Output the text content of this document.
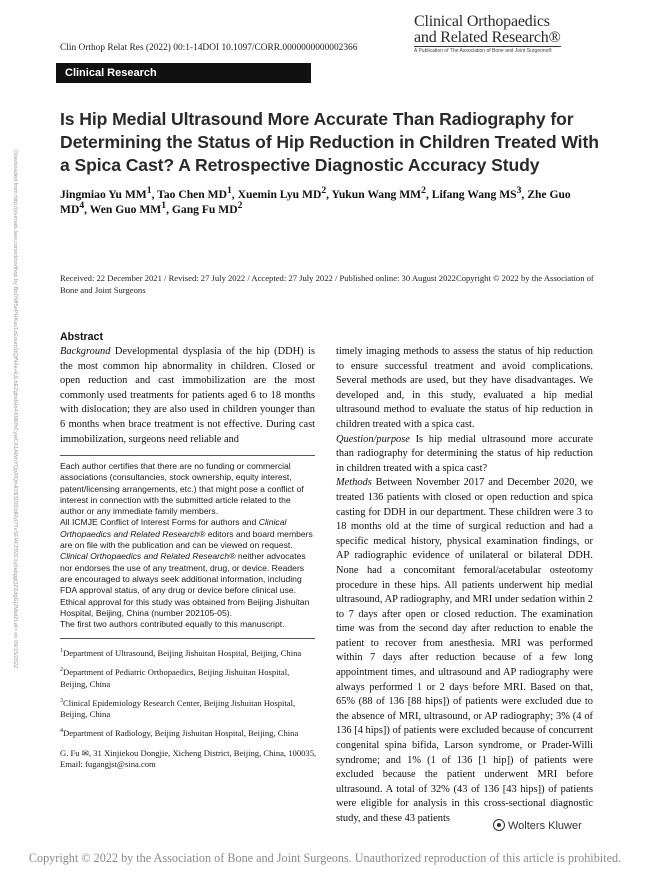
Clinical Orthopaedics
and Related Research®
A Publication of The Association of Bone and Joint Surgeons®
Clin Orthop Relat Res (2022) 00:1-14DOI 10.1097/CORR.0000000000002366
Clinical Research
Is Hip Medial Ultrasound More Accurate Than Radiography for Determining the Status of Hip Reduction in Children Treated With a Spica Cast? A Retrospective Diagnostic Accuracy Study
Jingmiao Yu $MM^1$, Tao Chen $MD^1$, Xuemin Lyu $MD^2$, Yukun Wang $MM^2$, Lifang Wang $MS^3$, Zhe Guo $MD^4$, Wen Guo $MM^1$, Gang Fu $MD^2$
Downloaded from http://journals.lww.com/clinorthop by BhDMf5ePHKav1zEoum1tQfN4a+kJLhEZgbsIHo4XMi0hCywCX1AWnYQp/IlQrHD3i3D0OdRyi7TvSFl4Cf3VC1y0abggQZXdgGj2MwlZLeI= on 09/15/2022	Received: 22 December 2021 / Revised: 27 July 2022 / Accepted: 27 July 2022 / Published online: 30 August 2022Copyright © 2022 by the Association of Bone and Joint Surgeons
Abstract
Background Developmental dysplasia of the hip (DDH) is the most common hip abnormality in children. Closed or open reduction and cast immobilization are the most commonly used treatments for patients aged 6 to 18 months with dislocation; they are also used in children younger than 6 months when brace treatment is not effective. During cast immobilization, surgeons need reliable and

Each author certifies that there are no funding or commercial associations (consultancies, stock ownership, equity interest, patent/licensing arrangements, etc.) that might pose a conflict of interest in connection with the submitted article related to the author or any immediate family members.

All ICMJE Conflict of Interest Forms for authors and Clinical Orthopaedics and Related Research® editors and board members are on file with the publication and can be viewed on request.

Clinical Orthopaedics and Related Research® neither advocates nor endorses the use of any treatment, drug, or device. Readers are encouraged to always seek additional information, including FDA approval status, of any drug or device before clinical use.

Ethical approval for this study was obtained from Beijing Jishuitan Hospital, Beijing, China (number 202105-05).

The first two authors contributed equally to this manuscript.

$^1$Department of Ultrasound, Beijing Jishuitan Hospital, Beijing, China

$^2$Department of Pediatric Orthopaedics, Beijing Jishuitan Hospital, Beijing, China

$^3$Clinical Epidemiology Research Center, Beijing Jishuitan Hospital, Beijing, China

$^4$Department of Radiology, Beijing Jishuitan Hospital, Beijing, China

G. Fu ✉, 31 Xinjiekou Dongjie, Xicheng District, Beijing, China, 100035, Email: fugangjst@sina.com

timely imaging methods to assess the status of hip reduction to ensure successful treatment and avoid complications. Several methods are used, but they have disadvantages. We developed and, in this study, evaluated a hip medial ultrasound method to evaluate the status of hip reduction in children treated with a spica cast.
Question/purpose Is hip medial ultrasound more accurate than radiography for determining the status of hip reduction in children treated with a spica cast?
Methods Between November 2017 and December 2020, we treated 136 patients with closed or open reduction and spica casting for DDH in our department. These children were 3 to 18 months old at the time of surgical reduction and had a specific medical history, physical examination findings, or AP radiographic evidence of unilateral or bilateral DDH. None had a concomitant femoral/acetabular osteotomy procedure in these hips. All patients underwent hip medial ultrasound, AP radiography, and MRI under sedation within 2 to 7 days after open or closed reduction. The examination time was from the second day after reduction to enable the patient to recover from anesthesia. MRI was performed within 7 days after reduction because of a few long appointment times, and ultrasound and AP radiography were always performed 1 or 2 days before MRI. Based on that, 65% (88 of 136 [88 hips]) of patients were excluded due to the absence of MRI, ultrasound, or AP radiography; 3% (4 of 136 [4 hips]) of patients were excluded because of concurrent congenital spina bifida, Larson syndrome, or Prader-Willi syndrome; and 1% (1 of 136 [1 hip]) of patients were excluded because the patient underwent MRI before ultrasound. A total of 32% (43 of 136 [43 hips]) of patients were eligible for analysis in this cross-sectional diagnostic study, and these 43 patients
Wolters Kluwer
Copyright © 2022 by the Association of Bone and Joint Surgeons. Unauthorized reproduction of this article is prohibited.
